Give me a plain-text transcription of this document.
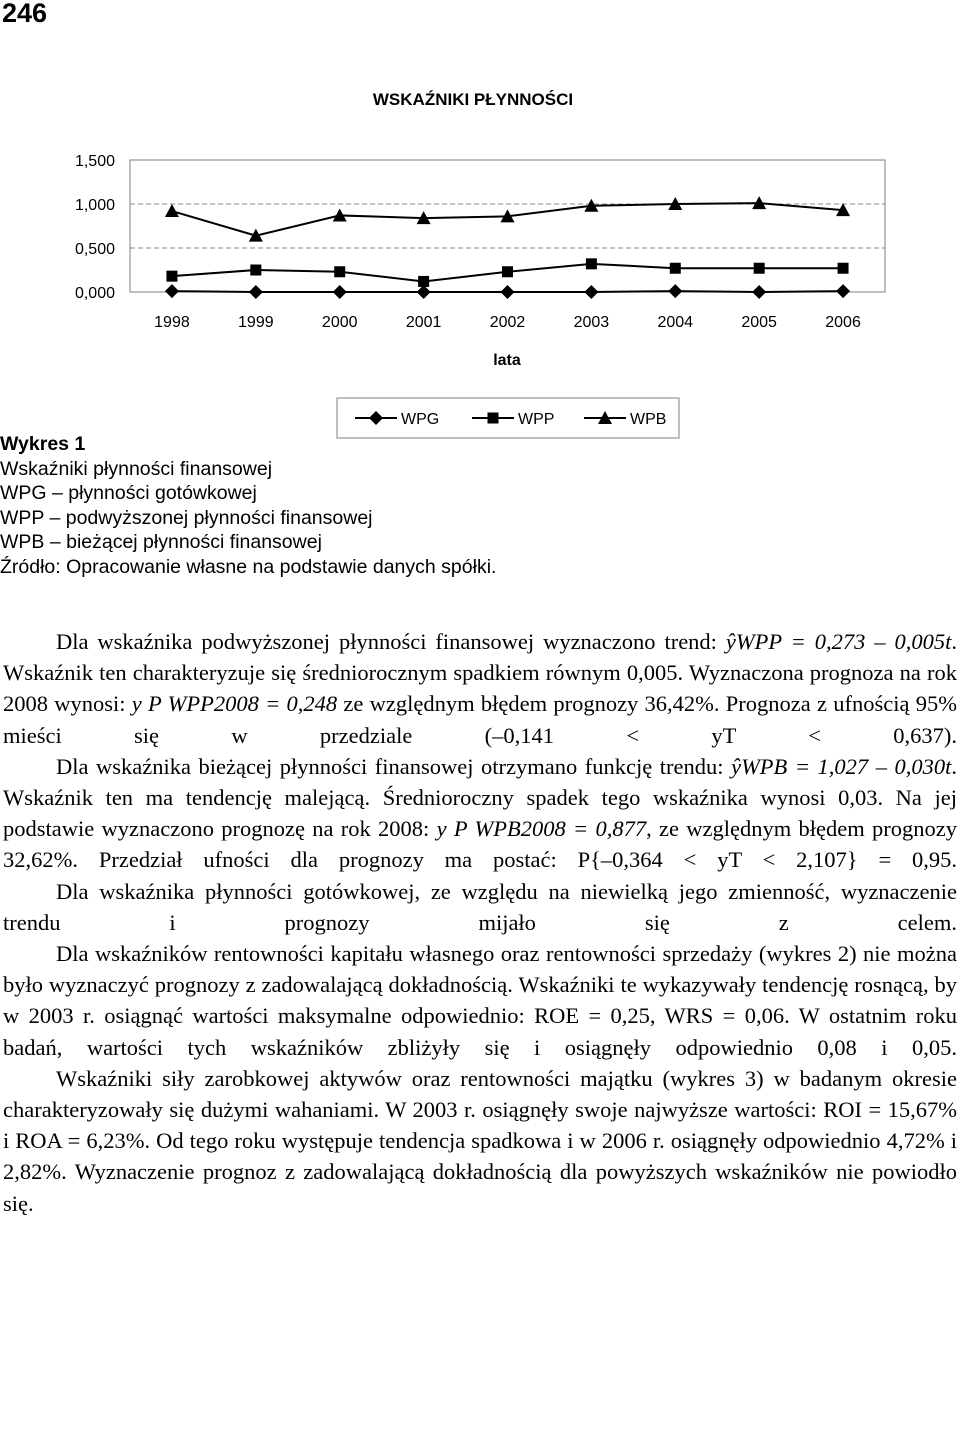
246
WSKAŹNIKI PŁYNNOŚCI
1,500
1,000
0,500
0,000
1998	1999	2000	2001	2002	2003	2004	2005	2006
lata
WPG	WPP	WPB
Wykres 1
Wskaźniki płynności finansowej
WPG – płynności gotówkowej
WPP – podwyższonej płynności finansowej
WPB – bieżącej płynności finansowej
Źródło: Opracowanie własne na podstawie danych spółki.

Dla wskaźnika podwyższonej płynności finansowej wyznaczono trend: ŷWPP = 0,273 – 0,005t. Wskaźnik ten charakteryzuje się średniorocznym spadkiem równym 0,005. Wyznaczona prognoza na rok 2008 wynosi: y P WPP2008 = 0,248 ze względnym błędem prognozy 36,42%. Prognoza z ufnością 95% mieści się w przedziale (–0,141 < yT < 0,637).

Dla wskaźnika bieżącej płynności finansowej otrzymano funkcję trendu: ŷWPB = 1,027 – 0,030t. Wskaźnik ten ma tendencję malejącą. Średnioroczny spadek tego wskaźnika wynosi 0,03. Na jej podstawie wyznaczono prognozę na rok 2008: y P WPB2008 = 0,877, ze względnym błędem prognozy 32,62%. Przedział ufności dla prognozy ma postać: P{–0,364 < yT < 2,107} = 0,95.

Dla wskaźnika płynności gotówkowej, ze względu na niewielką jego zmienność, wyznaczenie trendu i prognozy mijało się z celem.

Dla wskaźników rentowności kapitału własnego oraz rentowności sprzedaży (wykres 2) nie można było wyznaczyć prognozy z zadowalającą dokładnością. Wskaźniki te wykazywały tendencję rosnącą, by w 2003 r. osiągnąć wartości maksymalne odpowiednio: ROE = 0,25, WRS = 0,06. W ostatnim roku badań, wartości tych wskaźników zbliżyły się i osiągnęły odpowiednio 0,08 i 0,05.

Wskaźniki siły zarobkowej aktywów oraz rentowności majątku (wykres 3) w badanym okresie charakteryzowały się dużymi wahaniami. W 2003 r. osiągnęły swoje najwyższe wartości: ROI = 15,67% i ROA = 6,23%. Od tego roku występuje tendencja spadkowa i w 2006 r. osiągnęły odpowiednio 4,72% i 2,82%. Wyznaczenie prognoz z zadowalającą dokładnością dla powyższych wskaźników nie powiodło się.
